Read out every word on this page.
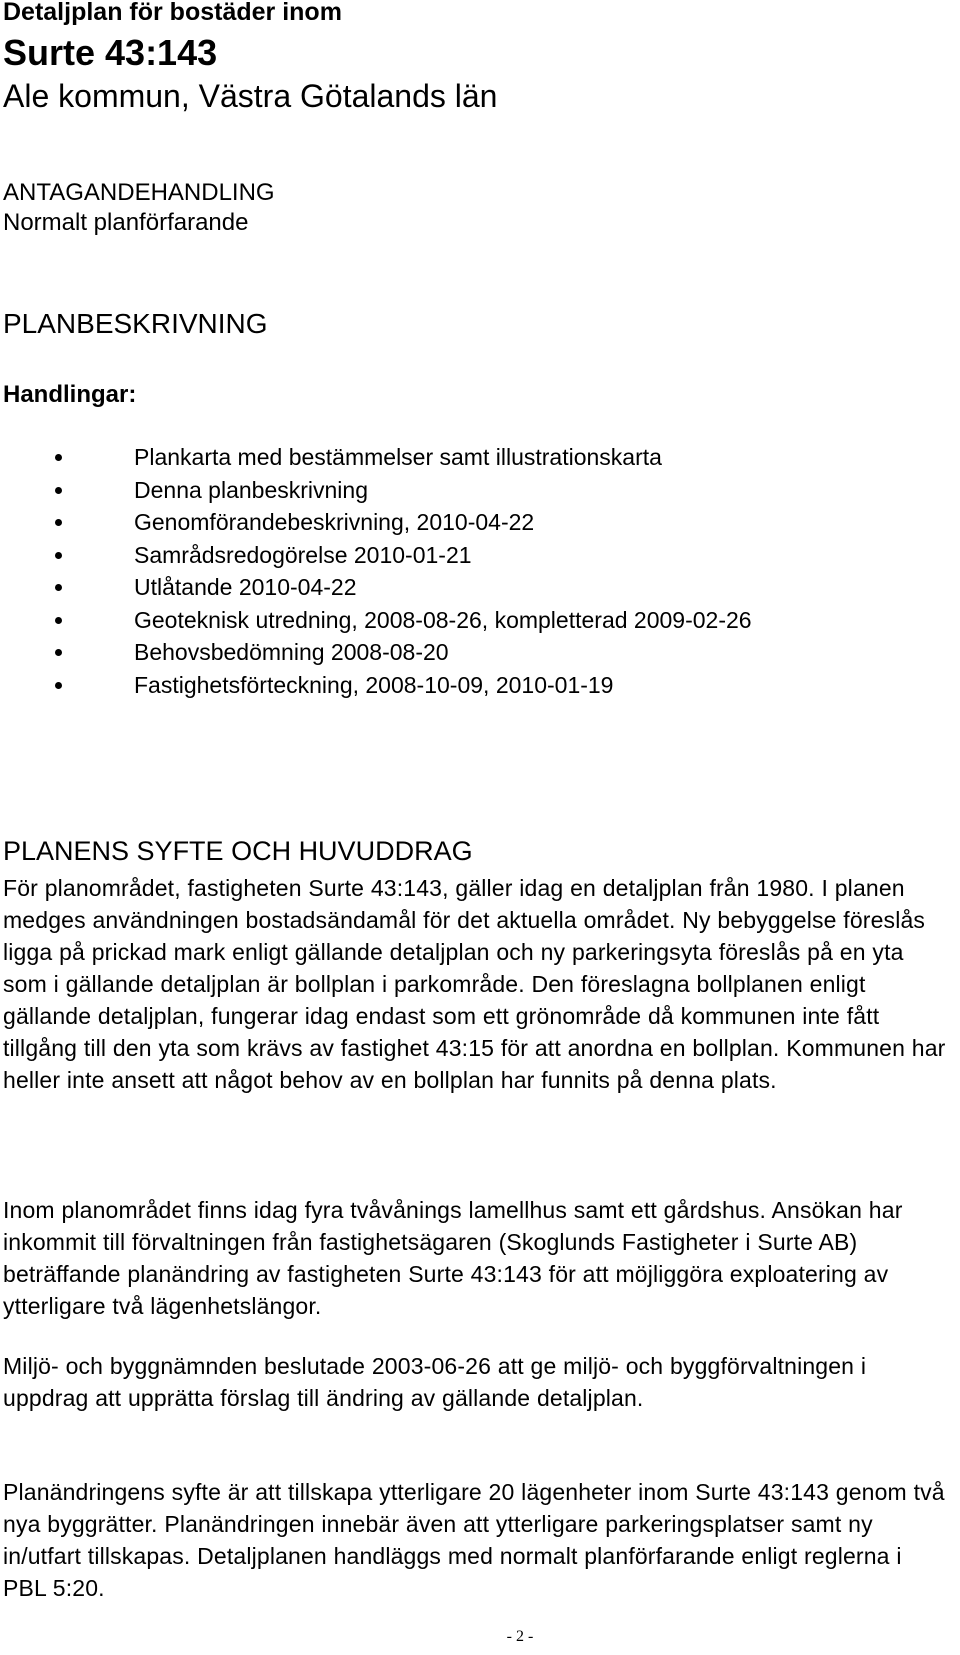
Detaljplan för bostäder inom
Surte 43:143
Ale kommun, Västra Götalands län
ANTAGANDEHANDLING
Normalt planförfarande
PLANBESKRIVNING
Handlingar:
Plankarta med bestämmelser samt illustrationskarta
Denna planbeskrivning
Genomförandebeskrivning, 2010-04-22
Samrådsredogörelse 2010-01-21
Utlåtande 2010-04-22
Geoteknisk utredning, 2008-08-26, kompletterad 2009-02-26
Behovsbedömning 2008-08-20
Fastighetsförteckning, 2008-10-09, 2010-01-19
PLANENS SYFTE OCH HUVUDDRAG

För planområdet, fastigheten Surte 43:143, gäller idag en detaljplan från 1980. I planen medges användningen bostadsändamål för det aktuella området. Ny bebyggelse föreslås ligga på prickad mark enligt gällande detaljplan och ny parkeringsyta föreslås på en yta som i gällande detaljplan är bollplan i parkområde. Den föreslagna bollplanen enligt gällande detaljplan, fungerar idag endast som ett grönområde då kommunen inte fått tillgång till den yta som krävs av fastighet 43:15 för att anordna en bollplan. Kommunen har heller inte ansett att något behov av en bollplan har funnits på denna plats.

Inom planområdet finns idag fyra tvåvånings lamellhus samt ett gårdshus. Ansökan har inkommit till förvaltningen från fastighetsägaren (Skoglunds Fastigheter i Surte AB) beträffande planändring av fastigheten Surte 43:143 för att möjliggöra exploatering av ytterligare två lägenhetslängor.

Miljö- och byggnämnden beslutade 2003-06-26 att ge miljö- och byggförvaltningen i uppdrag att upprätta förslag till ändring av gällande detaljplan.

Planändringens syfte är att tillskapa ytterligare 20 lägenheter inom Surte 43:143 genom två nya byggrätter. Planändringen innebär även att ytterligare parkeringsplatser samt ny in/utfart tillskapas. Detaljplanen handläggs med normalt planförfarande enligt reglerna i PBL 5:20.

- 2 -
